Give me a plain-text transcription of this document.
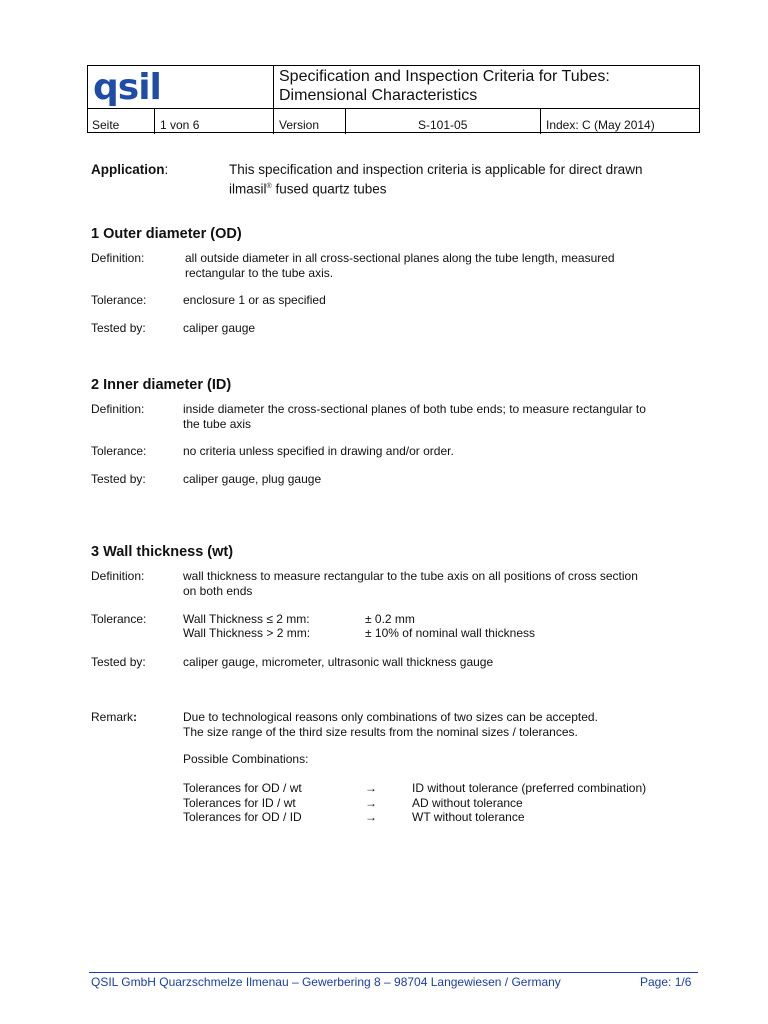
qsil	Specification and Inspection Criteria for Tubes:
Dimensional Characteristics
Seite	1 von 6	Version	S-101-05	Index: C (May 2014)
Application:	This specification and inspection criteria is applicable for direct drawn
ilmasil® fused quartz tubes
1 Outer diameter (OD)
Definition:	all outside diameter in all cross-sectional planes along the tube length, measured
rectangular to the tube axis.
Tolerance:	enclosure 1 or as specified
Tested by:	caliper gauge
2 Inner diameter (ID)
Definition:	inside diameter the cross-sectional planes of both tube ends; to measure rectangular to
the tube axis
Tolerance:	no criteria unless specified in drawing and/or order.
Tested by:	caliper gauge, plug gauge
3 Wall thickness (wt)
Definition:	wall thickness to measure rectangular to the tube axis on all positions of cross section
on both ends
Tolerance:	Wall Thickness ≤ 2 mm:	± 0.2 mm
Wall Thickness > 2 mm:	± 10% of nominal wall thickness
Tested by:	caliper gauge, micrometer, ultrasonic wall thickness gauge
Remark:	Due to technological reasons only combinations of two sizes can be accepted.
The size range of the third size results from the nominal sizes / tolerances.
Possible Combinations:
Tolerances for OD / wt	→	ID without tolerance (preferred combination)
Tolerances for ID / wt	→	AD without tolerance
Tolerances for OD / ID	→	WT without tolerance
QSIL GmbH Quarzschmelze Ilmenau – Gewerbering 8 – 98704 Langewiesen / Germany	Page: 1/6
